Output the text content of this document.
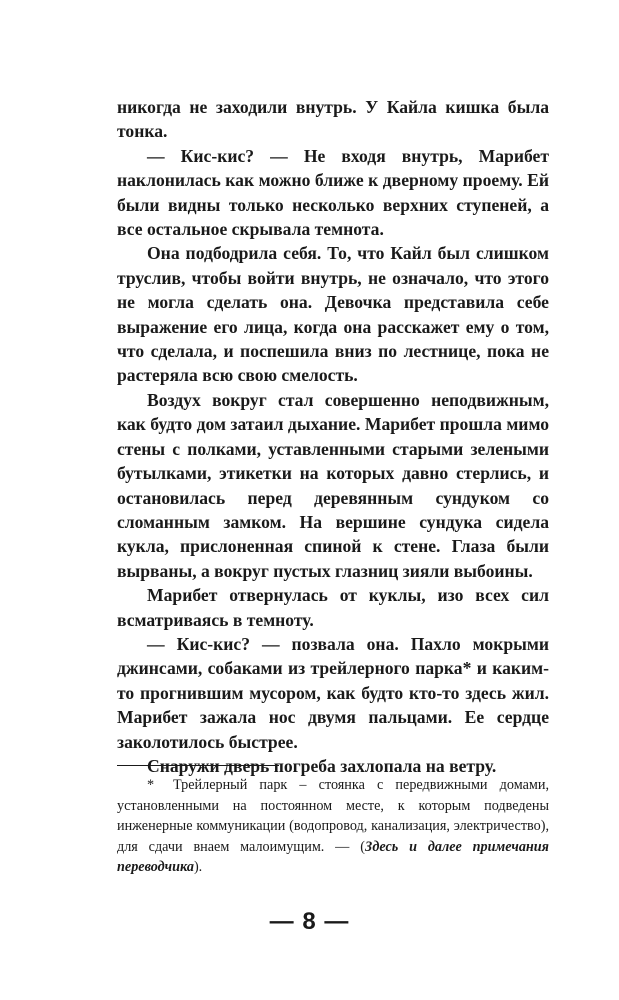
никогда не заходили внутрь. У Кайла кишка была тонка.

— Кис-кис? — Не входя внутрь, Марибет наклонилась как можно ближе к дверному проему. Ей были видны только несколько верхних ступеней, а все остальное скрывала темнота.

Она подбодрила себя. То, что Кайл был слишком труслив, чтобы войти внутрь, не означало, что этого не могла сделать она. Девочка представила себе выражение его лица, когда она расскажет ему о том, что сделала, и поспешила вниз по лестнице, пока не растеряла всю свою смелость.

Воздух вокруг стал совершенно неподвижным, как будто дом затаил дыхание. Марибет прошла мимо стены с полками, уставленными старыми зелеными бутылками, этикетки на которых давно стерлись, и остановилась перед деревянным сундуком со сломанным замком. На вершине сундука сидела кукла, прислоненная спиной к стене. Глаза были вырваны, а вокруг пустых глазниц зияли выбоины.

Марибет отвернулась от куклы, изо всех сил всматриваясь в темноту.

— Кис-кис? — позвала она. Пахло мокрыми джинсами, собаками из трейлерного парка* и каким-то прогнившим мусором, как будто кто-то здесь жил. Марибет зажала нос двумя пальцами. Ее сердце заколотилось быстрее.

Снаружи дверь погреба захлопала на ветру.

* Трейлерный парк – стоянка с передвижными домами, установленными на постоянном месте, к которым подведены инженерные коммуникации (водопровод, канализация, электричество), для сдачи внаем малоимущим. — (Здесь и далее примечания переводчика).
— 8 —
